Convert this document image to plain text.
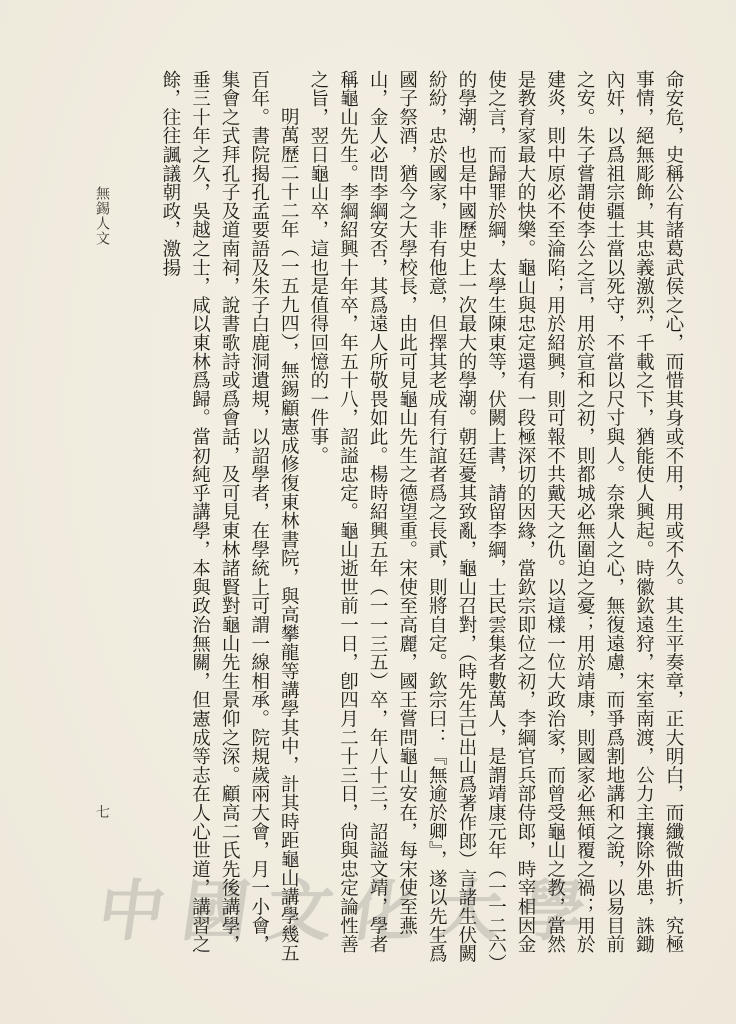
無錫人文
七	命安危，史稱公有諸葛武侯之心，而惜其身或不用，用或不久。其生平奏章，正大明白，而纖微曲折，究極事情，絕無彫飾，其忠義激烈，千載之下，猶能使人興起。時徽欽遠狩，宋室南渡，公力主攘除外患，誅鋤內奸，以爲祖宗疆土當以死守，不當以尺寸與人。奈衆人之心，無復遠慮，而爭爲割地講和之說，以易目前之安。朱子嘗謂使李公之言，用於宣和之初，則都城必無圍迫之憂；用於靖康，則國家必無傾覆之禍；用於建炎，則中原必不至淪陷；用於紹興，則可報不共戴天之仇。以這樣一位大政治家，而曾受龜山之教，當然是教育家最大的快樂。龜山與忠定還有一段極深切的因緣，當欽宗即位之初，李綱官兵部侍郎，時宰相因金使之言，而歸罪於綱，太學生陳東等，伏闕上書，請留李綱，士民雲集者數萬人，是謂靖康元年（一一二六）的學潮，也是中國歷史上一次最大的學潮。朝廷憂其致亂，龜山召對，（時先生已出山爲著作郎）言諸生伏闕紛紛，忠於國家，非有他意，但擇其老成有行誼者爲之長貳，則將自定。欽宗曰：『無逾於卿』，遂以先生爲國子祭酒，猶今之大學校長，由此可見龜山先生之德望重。宋使至高麗，國王嘗問龜山安在，每宋使至燕山，金人必問李綱安否，其爲遠人所敬畏如此。楊時紹興五年（一一三五）卒，年八十三，詔謚文靖，學者稱龜山先生。李綱紹興十年卒，年五十八，詔謚忠定。龜山逝世前一日，卽四月二十三日，尙與忠定論性善之旨，翌日龜山卒，這也是值得回憶的一件事。

明萬歷二十二年（一五九四），無錫顧憲成修復東林書院，與高攀龍等講學其中，計其時距龜山講學幾五百年。書院揭孔孟要語及朱子白鹿洞遺規，以詔學者，在學統上可謂一線相承。院規歲兩大會，月一小會，集會之式拜孔子及道南祠，說書歌詩或爲會話，及可見東林諸賢對龜山先生景仰之深。顧高二氏先後講學，垂三十年之久，吳越之士，咸以東林爲歸。當初純乎講學，本與政治無關，但憲成等志在人心世道，講習之餘，往往諷議朝政，激揚

中國文化大學
